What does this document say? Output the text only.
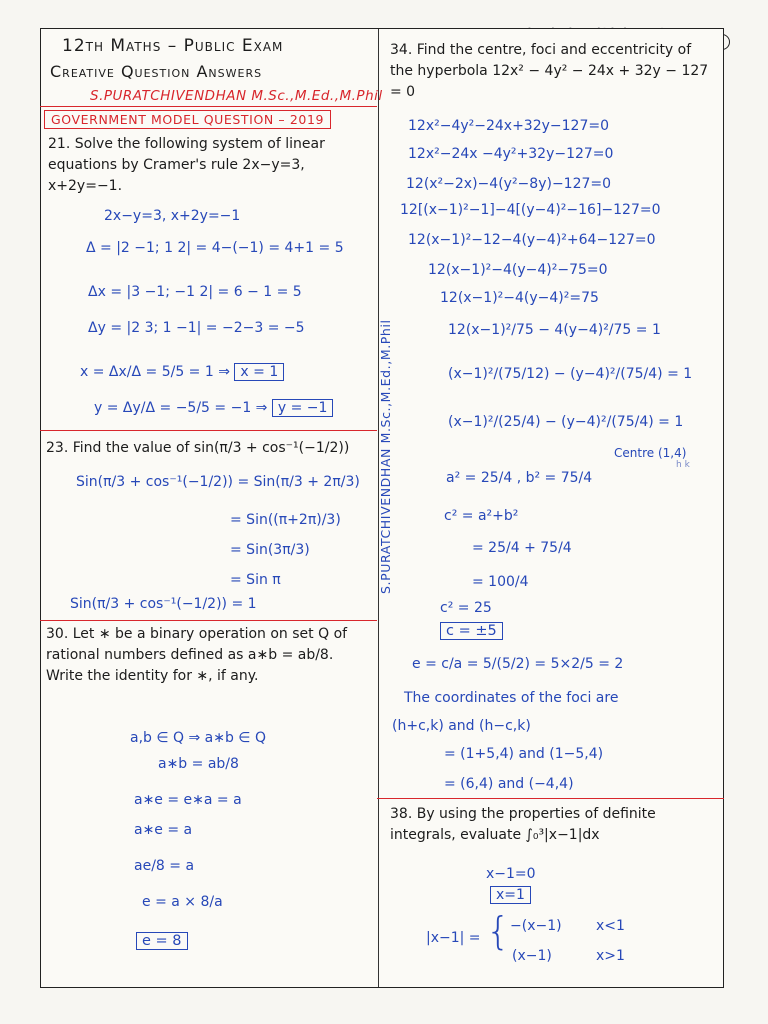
12th Maths – Public Exam
Creative Question Answers
S.PURATCHIVENDHAN M.Sc.,M.Ed.,M.Phil
GOVERNMENT MODEL QUESTION – 2019
21. Solve the following system of linear equations by Cramer's rule 2x−y=3, x+2y=−1.
2x−y=3, x+2y=−1
Δ = |2 −1; 1 2| = 4−(−1) = 4+1 = 5
Δx = |3 −1; −1 2| = 6 − 1 = 5
Δy = |2 3; 1 −1| = −2−3 = −5
x = Δx/Δ = 5/5 = 1 ⇒ x = 1
y = Δy/Δ = −5/5 = −1 ⇒ y = −1
23. Find the value of sin(π/3 + cos⁻¹(−1/2))
Sin(π/3 + cos⁻¹(−1/2)) = Sin(π/3 + 2π/3)
= Sin((π+2π)/3)
= Sin(3π/3)
= Sin π
Sin(π/3 + cos⁻¹(−1/2)) = 1
30. Let ∗ be a binary operation on set Q of rational numbers defined as a∗b = ab/8. Write the identity for ∗, if any.
a,b ∈ Q ⇒ a∗b ∈ Q
a∗b = ab/8
a∗e = e∗a = a
a∗e = a
ae/8 = a
e = a × 8/a
e = 8
34. Find the centre, foci and eccentricity of the hyperbola 12x² − 4y² − 24x + 32y − 127 = 0
12x²−4y²−24x+32y−127=0
12x²−24x −4y²+32y−127=0
12(x²−2x)−4(y²−8y)−127=0
12[(x−1)²−1]−4[(y−4)²−16]−127=0
12(x−1)²−12−4(y−4)²+64−127=0
12(x−1)²−4(y−4)²−75=0
12(x−1)²−4(y−4)²=75
12(x−1)²/75 − 4(y−4)²/75 = 1
(x−1)²/(75/12) − (y−4)²/(75/4) = 1
(x−1)²/(25/4) − (y−4)²/(75/4) = 1
Centre (1,4)
h k
a² = 25/4 , b² = 75/4
c² = a²+b²
= 25/4 + 75/4
= 100/4
c² = 25
c = ±5
e = c/a = 5/(5/2) = 5×2/5 = 2
The coordinates of the foci are
(h+c,k) and (h−c,k)
= (1+5,4) and (1−5,4)
= (6,4) and (−4,4)
S.PURATCHIVENDHAN M.Sc.,M.Ed.,M.Phil
38. By using the properties of definite integrals, evaluate ∫₀³|x−1|dx
x−1=0
x=1
|x−1| = { −(x−1) x<1
(x−1)	x>1
